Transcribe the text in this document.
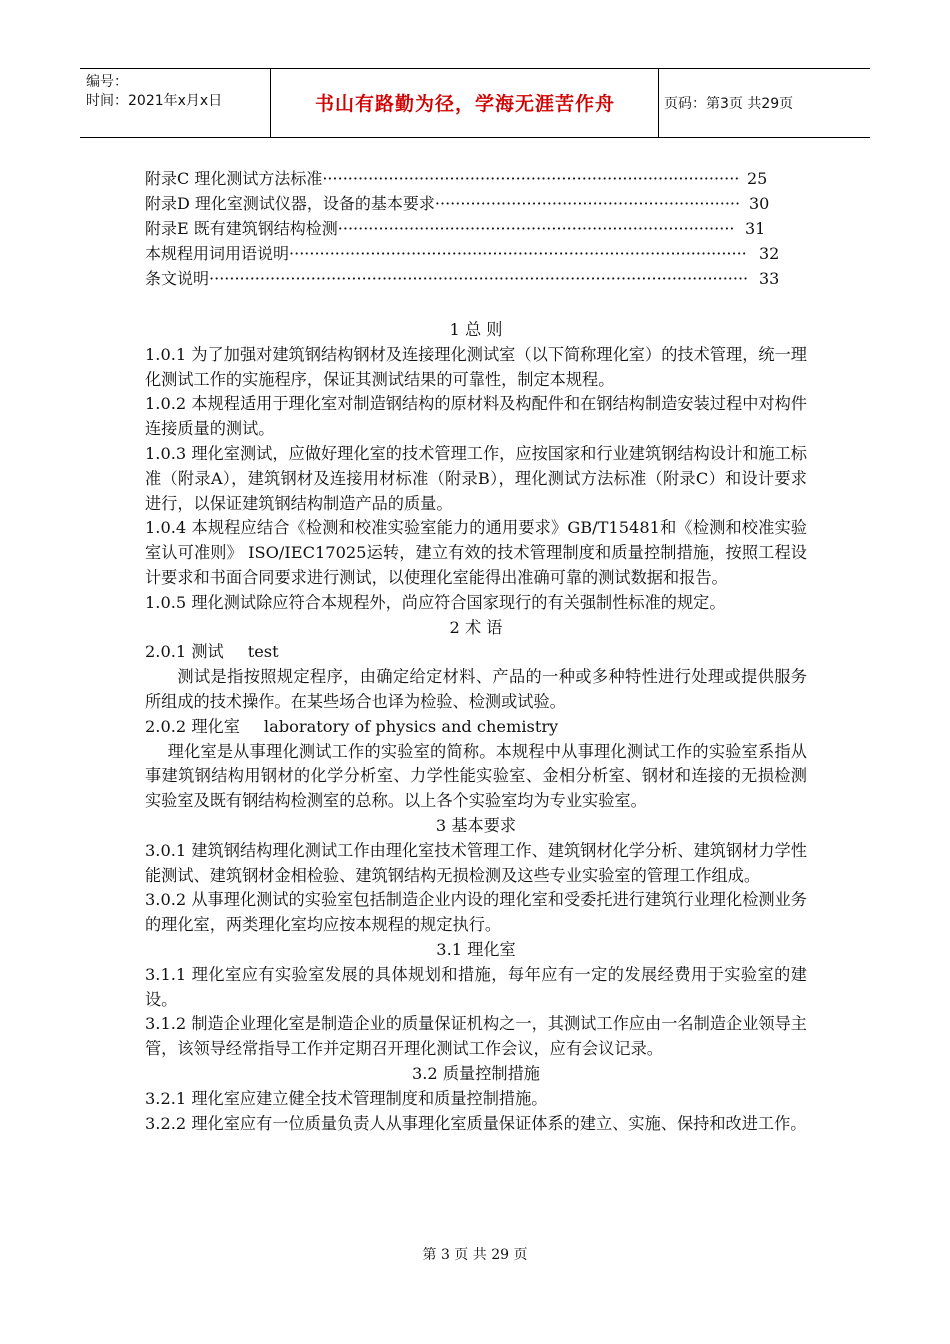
编号：
时间：2021年x月x日	书山有路勤为径，学海无涯苦作舟	页码：第3页 共29页
附录C 理化测试方法标准·················································································· 25
附录D 理化室测试仪器，设备的基本要求···························································· 30
附录E 既有建筑钢结构检测·············································································· 31
本规程用词用语说明·························································································· 32
条文说明·········································································································· 33

1 总 则

1.0.1 为了加强对建筑钢结构钢材及连接理化测试室（以下简称理化室）的技术管理，统一理化测试工作的实施程序，保证其测试结果的可靠性，制定本规程。

1.0.2 本规程适用于理化室对制造钢结构的原材料及构配件和在钢结构制造安装过程中对构件连接质量的测试。

1.0.3 理化室测试，应做好理化室的技术管理工作，应按国家和行业建筑钢结构设计和施工标准（附录A），建筑钢材及连接用材标准（附录B），理化测试方法标准（附录C）和设计要求进行，以保证建筑钢结构制造产品的质量。

1.0.4 本规程应结合《检测和校准实验室能力的通用要求》GB/T15481和《检测和校准实验室认可准则》 ISO/IEC17025运转，建立有效的技术管理制度和质量控制措施，按照工程设计要求和书面合同要求进行测试，以使理化室能得出准确可靠的测试数据和报告。

1.0.5 理化测试除应符合本规程外，尚应符合国家现行的有关强制性标准的规定。

2 术 语

2.0.1 测试 test

测试是指按照规定程序，由确定给定材料、产品的一种或多种特性进行处理或提供服务所组成的技术操作。在某些场合也译为检验、检测或试验。

2.0.2 理化室 laboratory of physics and chemistry

理化室是从事理化测试工作的实验室的简称。本规程中从事理化测试工作的实验室系指从事建筑钢结构用钢材的化学分析室、力学性能实验室、金相分析室、钢材和连接的无损检测实验室及既有钢结构检测室的总称。以上各个实验室均为专业实验室。

3 基本要求

3.0.1 建筑钢结构理化测试工作由理化室技术管理工作、建筑钢材化学分析、建筑钢材力学性能测试、建筑钢材金相检验、建筑钢结构无损检测及这些专业实验室的管理工作组成。

3.0.2 从事理化测试的实验室包括制造企业内设的理化室和受委托进行建筑行业理化检测业务的理化室，两类理化室均应按本规程的规定执行。

3.1 理化室

3.1.1 理化室应有实验室发展的具体规划和措施，每年应有一定的发展经费用于实验室的建设。

3.1.2 制造企业理化室是制造企业的质量保证机构之一，其测试工作应由一名制造企业领导主管，该领导经常指导工作并定期召开理化测试工作会议，应有会议记录。

3.2 质量控制措施

3.2.1 理化室应建立健全技术管理制度和质量控制措施。

3.2.2 理化室应有一位质量负责人从事理化室质量保证体系的建立、实施、保持和改进工作。

第 3 页 共 29 页
